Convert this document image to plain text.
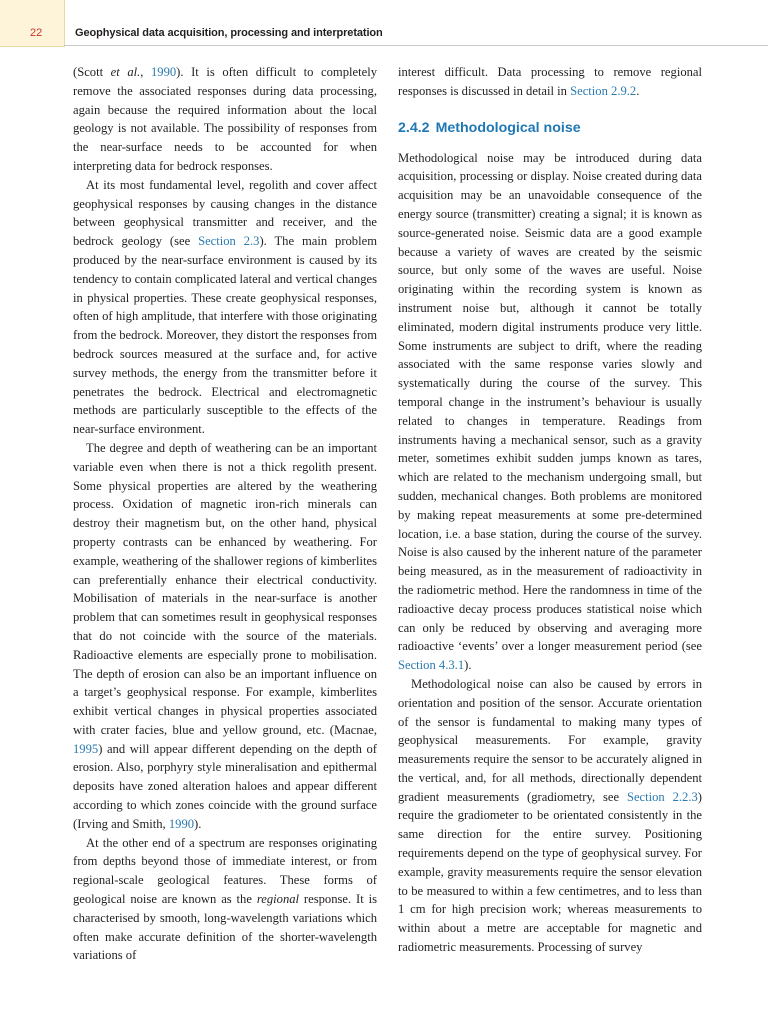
22	Geophysical data acquisition, processing and interpretation

(Scott et al., 1990). It is often difficult to completely remove the associated responses during data processing, again because the required information about the local geology is not available. The possibility of responses from the near-surface needs to be accounted for when interpreting data for bedrock responses.

At its most fundamental level, regolith and cover affect geophysical responses by causing changes in the distance between geophysical transmitter and receiver, and the bedrock geology (see Section 2.3). The main problem produced by the near-surface environment is caused by its tendency to contain complicated lateral and vertical changes in physical properties. These create geophysical responses, often of high amplitude, that interfere with those originating from the bedrock. Moreover, they distort the responses from bedrock sources measured at the surface and, for active survey methods, the energy from the transmitter before it penetrates the bedrock. Electrical and electromagnetic methods are particularly susceptible to the effects of the near-surface environment.

The degree and depth of weathering can be an important variable even when there is not a thick regolith present. Some physical properties are altered by the weathering process. Oxidation of magnetic iron-rich minerals can destroy their magnetism but, on the other hand, physical property contrasts can be enhanced by weathering. For example, weathering of the shallower regions of kimberlites can preferentially enhance their electrical conductivity. Mobilisation of materials in the near-surface is another problem that can sometimes result in geophysical responses that do not coincide with the source of the materials. Radioactive elements are especially prone to mobilisation. The depth of erosion can also be an important influence on a target’s geophysical response. For example, kimberlites exhibit vertical changes in physical properties associated with crater facies, blue and yellow ground, etc. (Macnae, 1995) and will appear different depending on the depth of erosion. Also, porphyry style mineralisation and epithermal deposits have zoned alteration haloes and appear different according to which zones coincide with the ground surface (Irving and Smith, 1990).

At the other end of a spectrum are responses originating from depths beyond those of immediate interest, or from regional-scale geological features. These forms of geological noise are known as the regional response. It is characterised by smooth, long-wavelength variations which often make accurate definition of the shorter-wavelength variations of

interest difficult. Data processing to remove regional responses is discussed in detail in Section 2.9.2.

2.4.2 Methodological noise

Methodological noise may be introduced during data acquisition, processing or display. Noise created during data acquisition may be an unavoidable consequence of the energy source (transmitter) creating a signal; it is known as source-generated noise. Seismic data are a good example because a variety of waves are created by the seismic source, but only some of the waves are useful. Noise originating within the recording system is known as instrument noise but, although it cannot be totally eliminated, modern digital instruments produce very little. Some instruments are subject to drift, where the reading associated with the same response varies slowly and systematically during the course of the survey. This temporal change in the instrument’s behaviour is usually related to changes in temperature. Readings from instruments having a mechanical sensor, such as a gravity meter, sometimes exhibit sudden jumps known as tares, which are related to the mechanism undergoing small, but sudden, mechanical changes. Both problems are monitored by making repeat measurements at some pre-determined location, i.e. a base station, during the course of the survey. Noise is also caused by the inherent nature of the parameter being measured, as in the measurement of radioactivity in the radiometric method. Here the randomness in time of the radioactive decay process produces statistical noise which can only be reduced by observing and averaging more radioactive ‘events’ over a longer measurement period (see Section 4.3.1).

Methodological noise can also be caused by errors in orientation and position of the sensor. Accurate orientation of the sensor is fundamental to making many types of geophysical measurements. For example, gravity measurements require the sensor to be accurately aligned in the vertical, and, for all methods, directionally dependent gradient measurements (gradiometry, see Section 2.2.3) require the gradiometer to be orientated consistently in the same direction for the entire survey. Positioning requirements depend on the type of geophysical survey. For example, gravity measurements require the sensor elevation to be measured to within a few centimetres, and to less than 1 cm for high precision work; whereas measurements to within about a metre are acceptable for magnetic and radiometric measurements. Processing of survey
